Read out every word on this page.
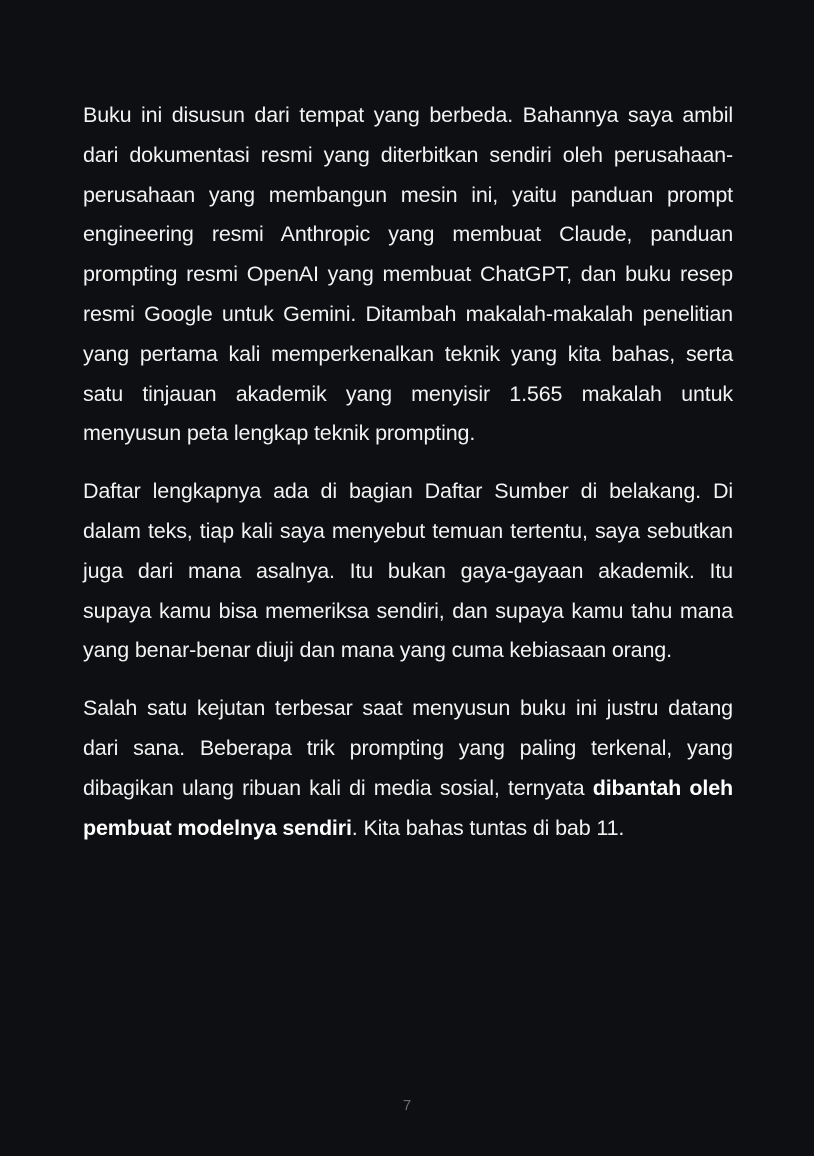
Buku ini disusun dari tempat yang berbeda. Bahannya saya ambil dari dokumentasi resmi yang diterbitkan sendiri oleh perusahaan-perusahaan yang membangun mesin ini, yaitu panduan prompt engineering resmi Anthropic yang membuat Claude, panduan prompting resmi OpenAI yang membuat ChatGPT, dan buku resep resmi Google untuk Gemini. Ditambah makalah-makalah penelitian yang pertama kali memperkenalkan teknik yang kita bahas, serta satu tinjauan akademik yang menyisir 1.565 makalah untuk menyusun peta lengkap teknik prompting.

Daftar lengkapnya ada di bagian Daftar Sumber di belakang. Di dalam teks, tiap kali saya menyebut temuan tertentu, saya sebutkan juga dari mana asalnya. Itu bukan gaya-gayaan akademik. Itu supaya kamu bisa memeriksa sendiri, dan supaya kamu tahu mana yang benar-benar diuji dan mana yang cuma kebiasaan orang.

Salah satu kejutan terbesar saat menyusun buku ini justru datang dari sana. Beberapa trik prompting yang paling terkenal, yang dibagikan ulang ribuan kali di media sosial, ternyata dibantah oleh pembuat modelnya sendiri. Kita bahas tuntas di bab 11.

7
